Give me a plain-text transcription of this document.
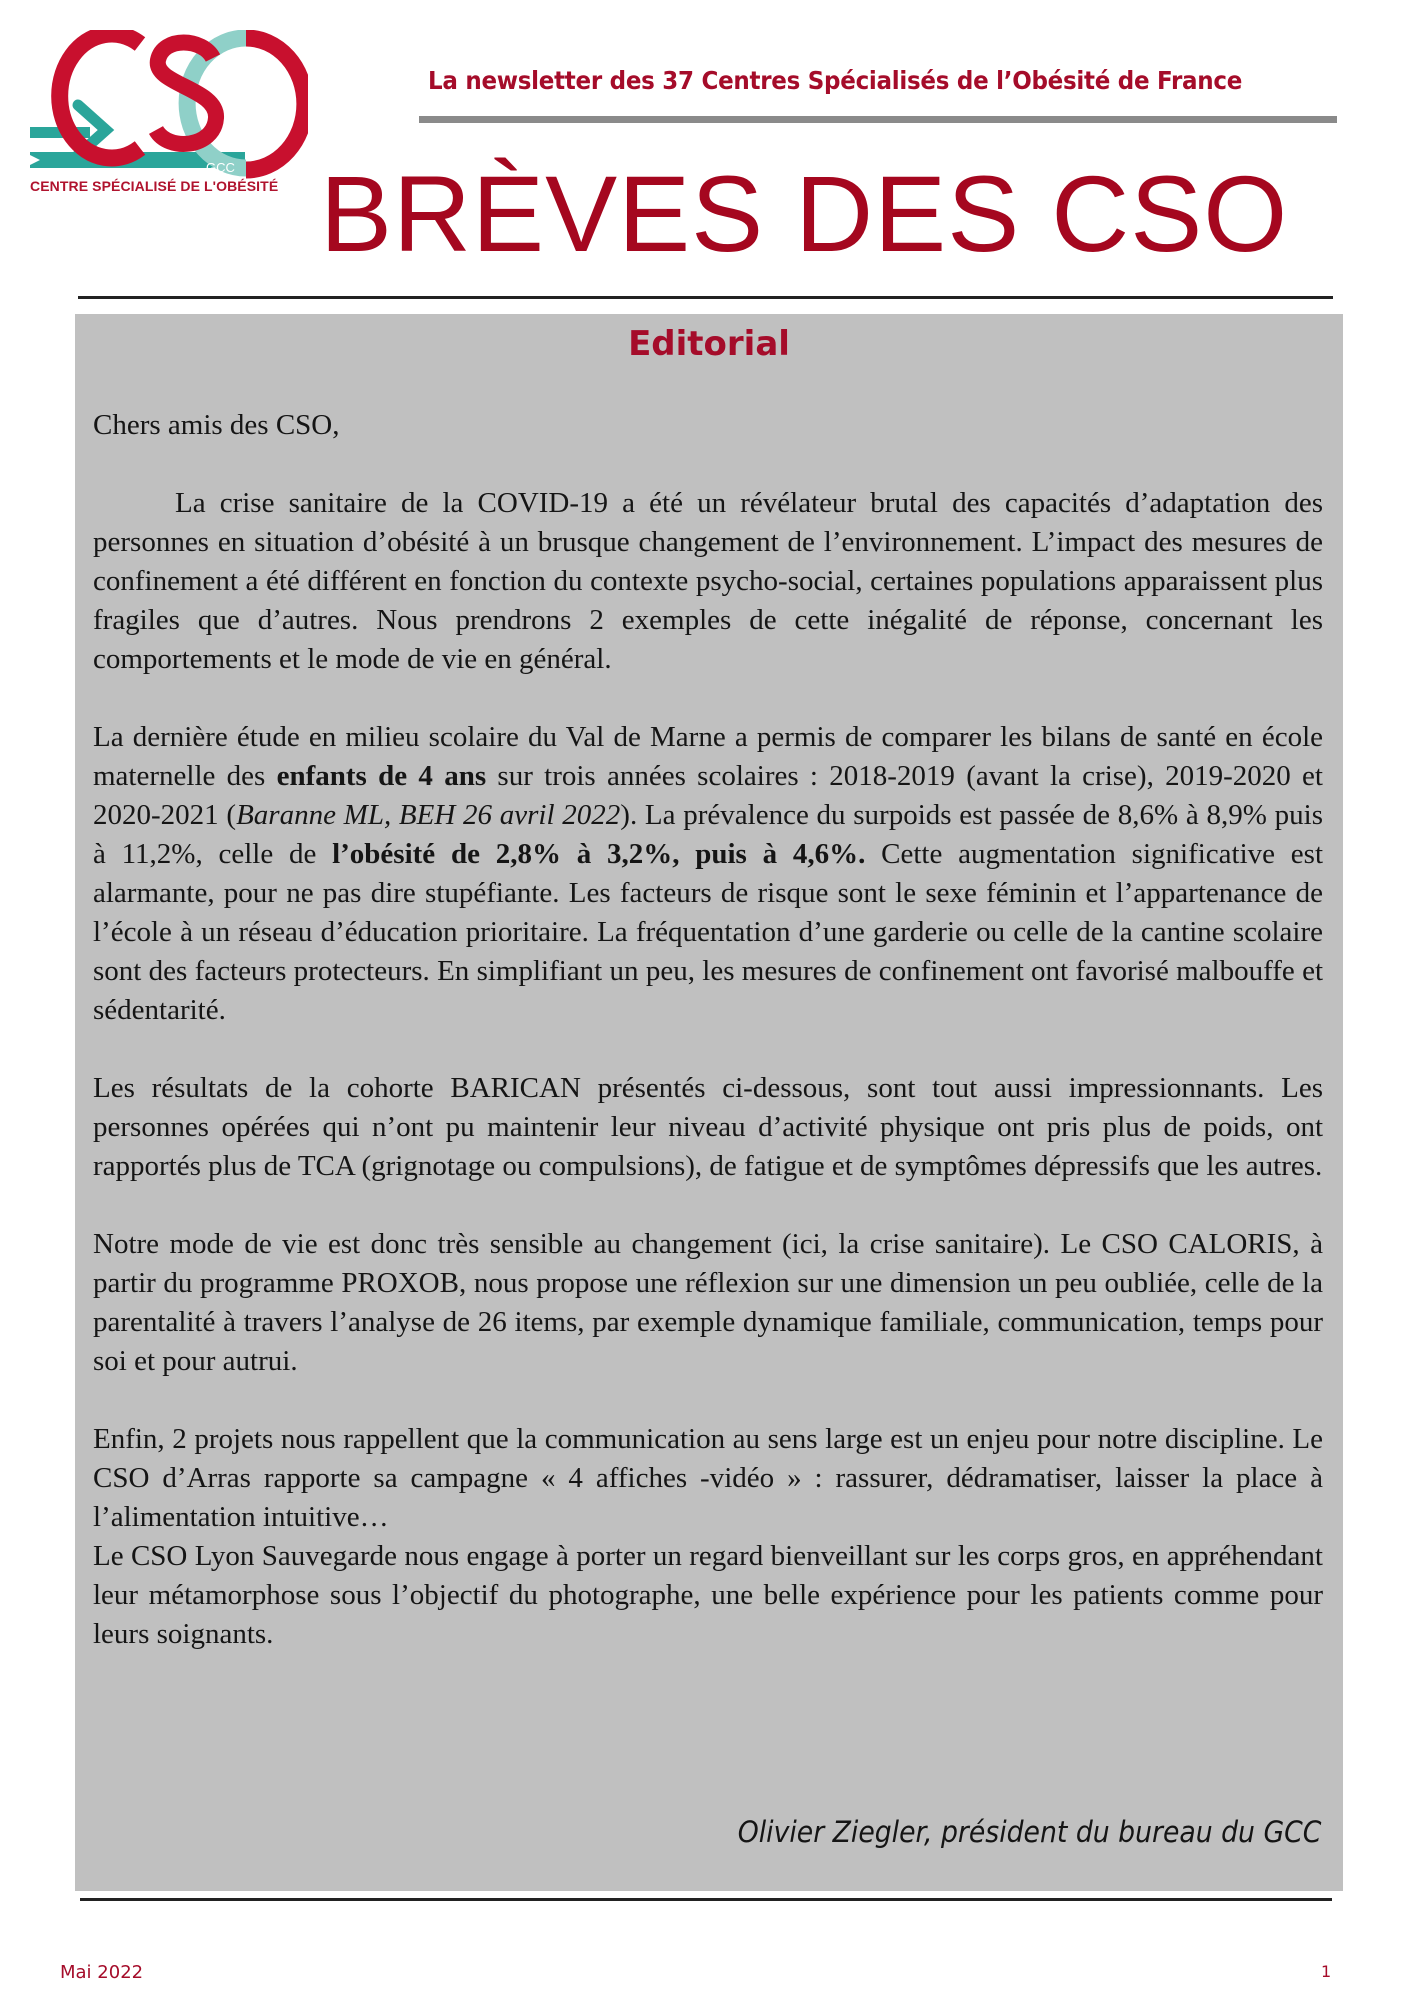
GCC
CENTRE SPÉCIALISÉ DE L'OBÉSITÉ
La newsletter des 37 Centres Spécialisés de l’Obésité de France
BRÈVES DES CSO
Editorial

Chers amis des CSO,

La crise sanitaire de la COVID-19 a été un révélateur brutal des capacités d’adaptation des personnes en situation d’obésité à un brusque changement de l’environnement. L’impact des mesures de confinement a été différent en fonction du contexte psycho-social, certaines populations apparaissent plus fragiles que d’autres. Nous prendrons 2 exemples de cette inégalité de réponse, concernant les comportements et le mode de vie en général.

La dernière étude en milieu scolaire du Val de Marne a permis de comparer les bilans de santé en école maternelle des enfants de 4 ans sur trois années scolaires : 2018-2019 (avant la crise), 2019-2020 et 2020-2021 (Baranne ML, BEH 26 avril 2022). La prévalence du surpoids est passée de 8,6% à 8,9% puis à 11,2%, celle de l’obésité de 2,8% à 3,2%, puis à 4,6%. Cette augmentation significative est alarmante, pour ne pas dire stupéfiante. Les facteurs de risque sont le sexe féminin et l’appartenance de l’école à un réseau d’éducation prioritaire. La fréquentation d’une garderie ou celle de la cantine scolaire sont des facteurs protecteurs. En simplifiant un peu, les mesures de confinement ont favorisé malbouffe et sédentarité.

Les résultats de la cohorte BARICAN présentés ci-dessous, sont tout aussi impressionnants. Les personnes opérées qui n’ont pu maintenir leur niveau d’activité physique ont pris plus de poids, ont rapportés plus de TCA (grignotage ou compulsions), de fatigue et de symptômes dépressifs que les autres.

Notre mode de vie est donc très sensible au changement (ici, la crise sanitaire). Le CSO CALORIS, à partir du programme PROXOB, nous propose une réflexion sur une dimension un peu oubliée, celle de la parentalité à travers l’analyse de 26 items, par exemple dynamique familiale, communication, temps pour soi et pour autrui.

Enfin, 2 projets nous rappellent que la communication au sens large est un enjeu pour notre discipline. Le CSO d’Arras rapporte sa campagne « 4 affiches -vidéo » : rassurer, dédramatiser, laisser la place à l’alimentation intuitive…

Le CSO Lyon Sauvegarde nous engage à porter un regard bienveillant sur les corps gros, en appréhendant leur métamorphose sous l’objectif du photographe, une belle expérience pour les patients comme pour leurs soignants.

Olivier Ziegler, président du bureau du GCC
Mai 2022	1
